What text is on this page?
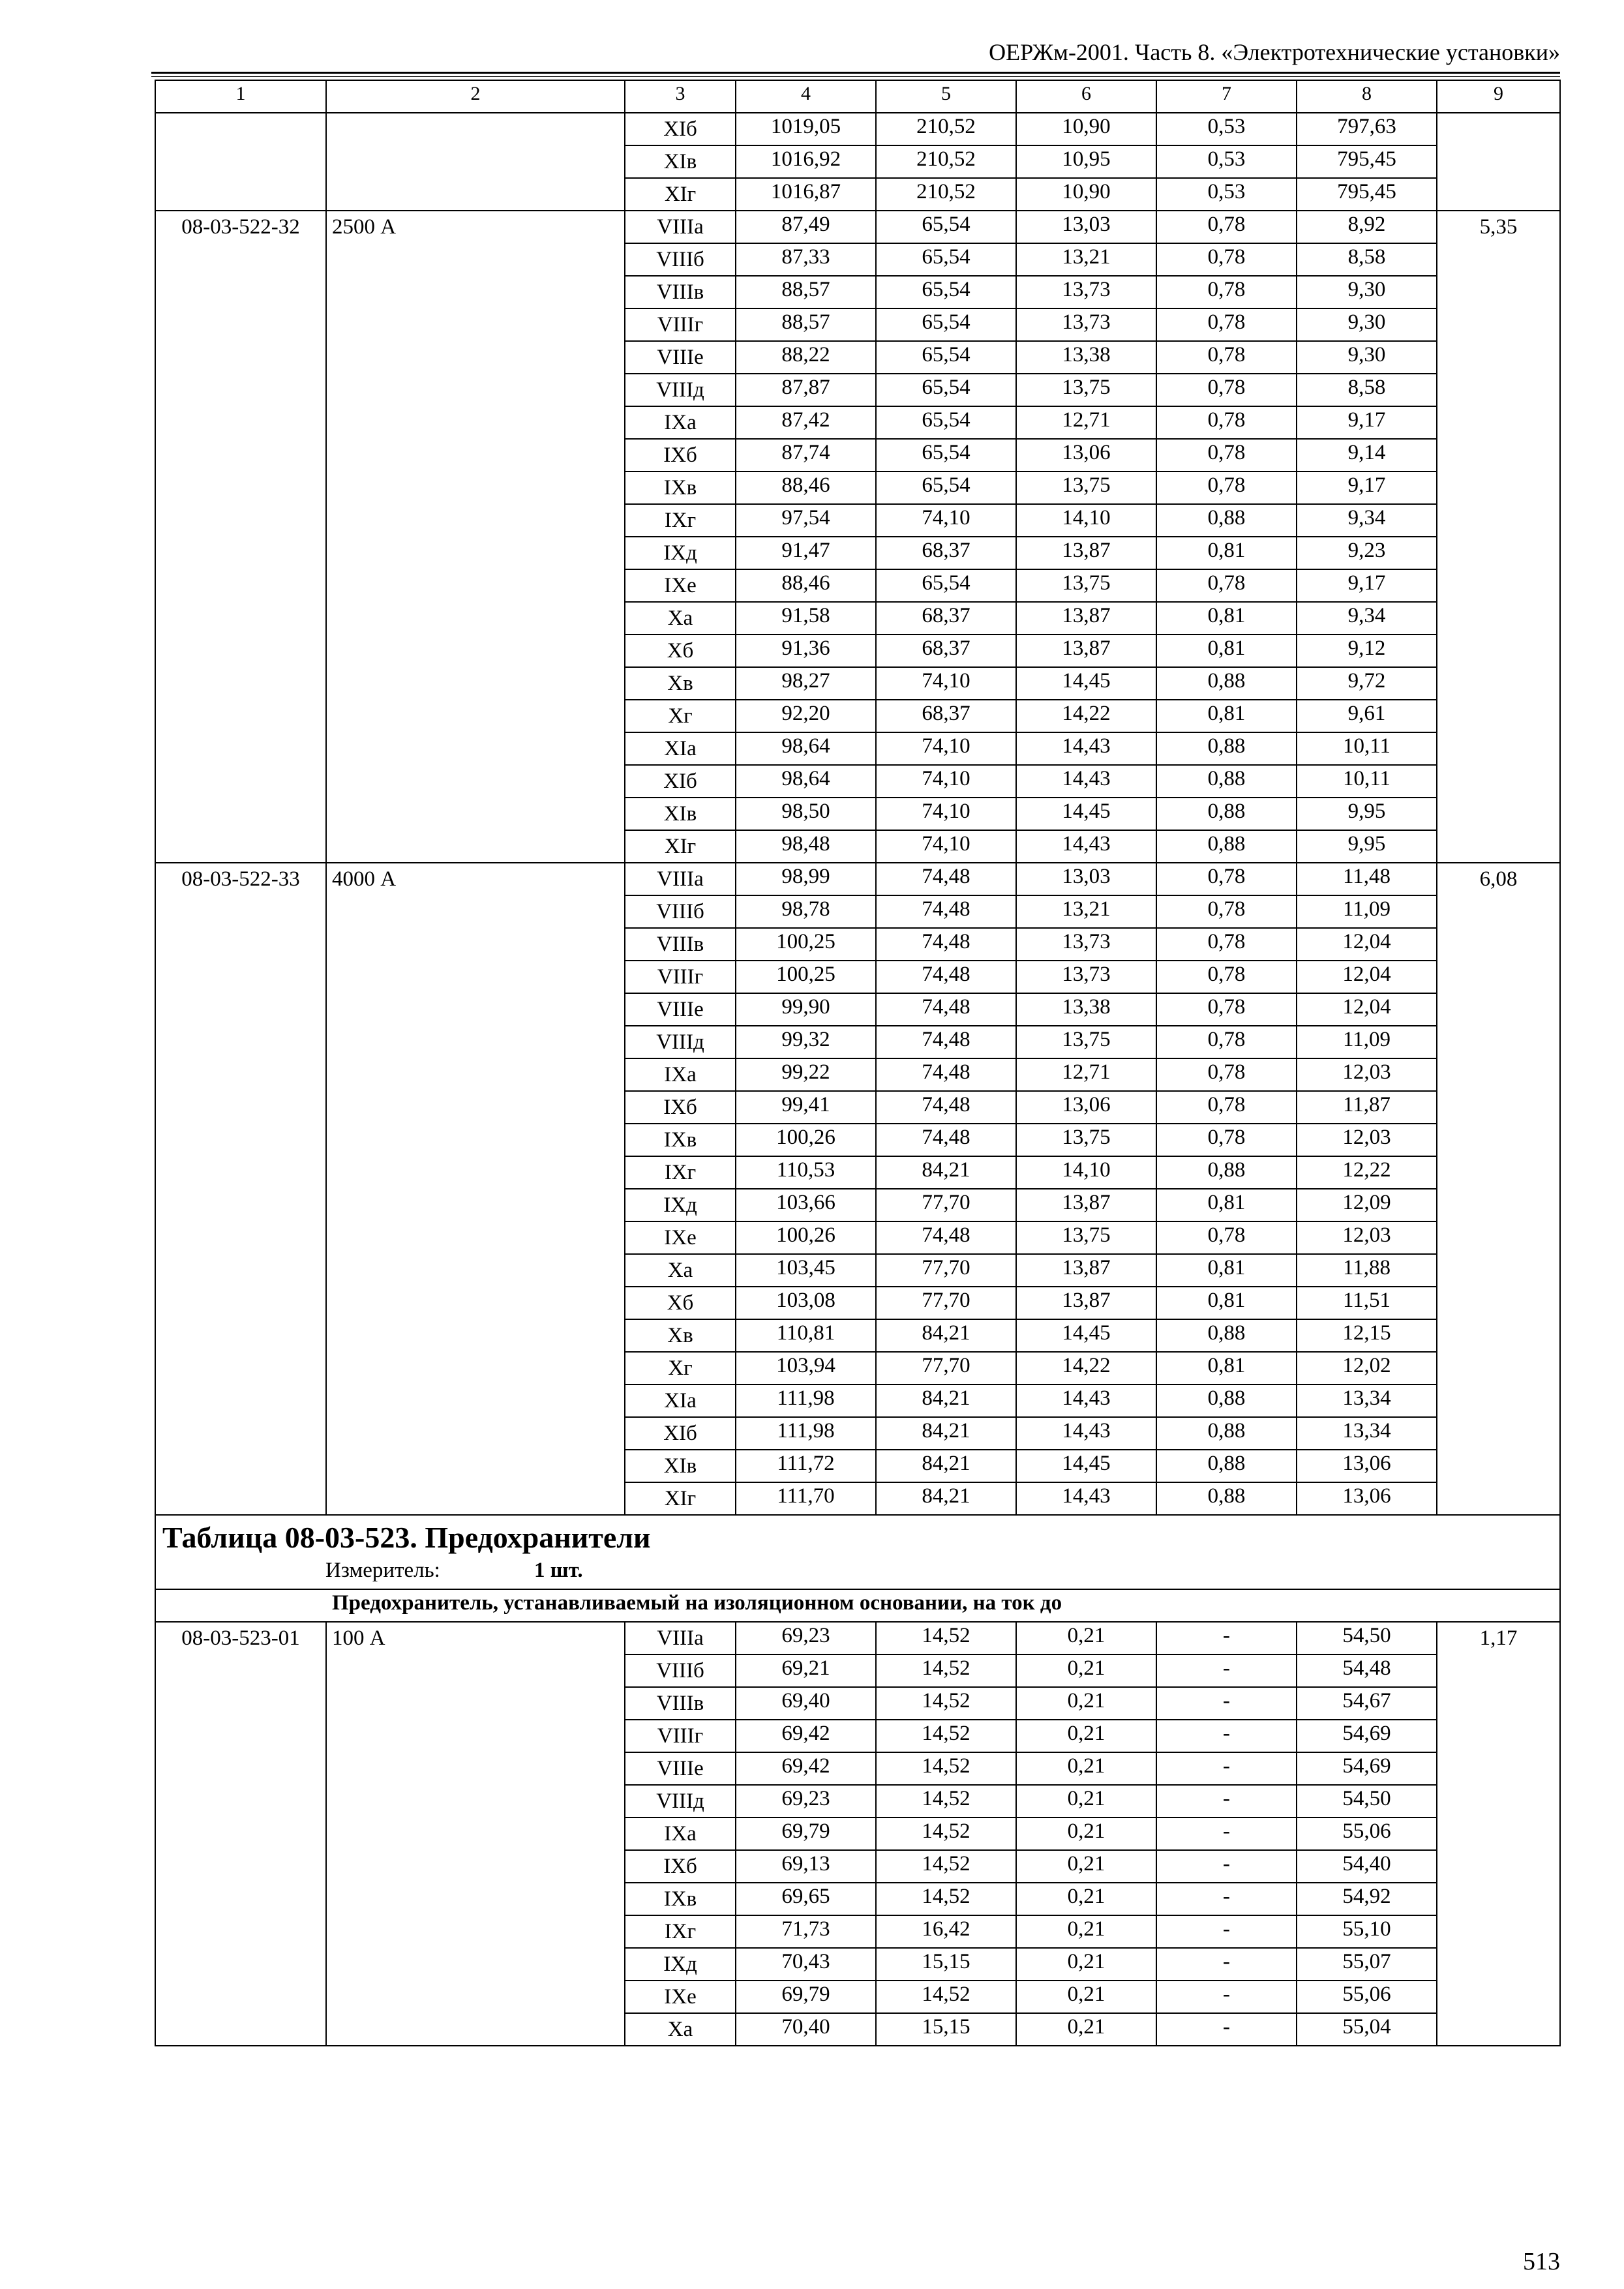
ОЕРЖм-2001. Часть 8. «Электротехнические установки»
1	2	3	4	5	6	7	8	9
		XIб	1019,05	210,52	10,90	0,53	797,63	
		XIв	1016,92	210,52	10,95	0,53	795,45	
		XIг	1016,87	210,52	10,90	0,53	795,45	
08-03-522-32	2500 А	VIIIа	87,49	65,54	13,03	0,78	8,92	5,35
		VIIIб	87,33	65,54	13,21	0,78	8,58	
		VIIIв	88,57	65,54	13,73	0,78	9,30	
		VIIIг	88,57	65,54	13,73	0,78	9,30	
		VIIIе	88,22	65,54	13,38	0,78	9,30	
		VIIIд	87,87	65,54	13,75	0,78	8,58	
		IXа	87,42	65,54	12,71	0,78	9,17	
		IXб	87,74	65,54	13,06	0,78	9,14	
		IXв	88,46	65,54	13,75	0,78	9,17	
		IXг	97,54	74,10	14,10	0,88	9,34	
		IXд	91,47	68,37	13,87	0,81	9,23	
		IXе	88,46	65,54	13,75	0,78	9,17	
		Xа	91,58	68,37	13,87	0,81	9,34	
		Xб	91,36	68,37	13,87	0,81	9,12	
		Xв	98,27	74,10	14,45	0,88	9,72	
		Xг	92,20	68,37	14,22	0,81	9,61	
		XIа	98,64	74,10	14,43	0,88	10,11	
		XIб	98,64	74,10	14,43	0,88	10,11	
		XIв	98,50	74,10	14,45	0,88	9,95	
		XIг	98,48	74,10	14,43	0,88	9,95	
08-03-522-33	4000 А	VIIIа	98,99	74,48	13,03	0,78	11,48	6,08
		VIIIб	98,78	74,48	13,21	0,78	11,09	
		VIIIв	100,25	74,48	13,73	0,78	12,04	
		VIIIг	100,25	74,48	13,73	0,78	12,04	
		VIIIе	99,90	74,48	13,38	0,78	12,04	
		VIIIд	99,32	74,48	13,75	0,78	11,09	
		IXа	99,22	74,48	12,71	0,78	12,03	
		IXб	99,41	74,48	13,06	0,78	11,87	
		IXв	100,26	74,48	13,75	0,78	12,03	
		IXг	110,53	84,21	14,10	0,88	12,22	
		IXд	103,66	77,70	13,87	0,81	12,09	
		IXе	100,26	74,48	13,75	0,78	12,03	
		Xа	103,45	77,70	13,87	0,81	11,88	
		Xб	103,08	77,70	13,87	0,81	11,51	
		Xв	110,81	84,21	14,45	0,88	12,15	
		Xг	103,94	77,70	14,22	0,81	12,02	
		XIа	111,98	84,21	14,43	0,88	13,34	
		XIб	111,98	84,21	14,43	0,88	13,34	
		XIв	111,72	84,21	14,45	0,88	13,06	
		XIг	111,70	84,21	14,43	0,88	13,06	

Таблица 08-03-523. Предохранители
Измеритель: 1 шт.								

Предохранитель, устанавливаемый на изоляционном основании, на ток до								
08-03-523-01	100 А	VIIIа	69,23	14,52	0,21	-	54,50	1,17
		VIIIб	69,21	14,52	0,21	-	54,48	
		VIIIв	69,40	14,52	0,21	-	54,67	
		VIIIг	69,42	14,52	0,21	-	54,69	
		VIIIе	69,42	14,52	0,21	-	54,69	
		VIIIд	69,23	14,52	0,21	-	54,50	
		IXа	69,79	14,52	0,21	-	55,06	
		IXб	69,13	14,52	0,21	-	54,40	
		IXв	69,65	14,52	0,21	-	54,92	
		IXг	71,73	16,42	0,21	-	55,10	
		IXд	70,43	15,15	0,21	-	55,07	
		IXе	69,79	14,52	0,21	-	55,06	
		Xа	70,40	15,15	0,21	-	55,04	
513
